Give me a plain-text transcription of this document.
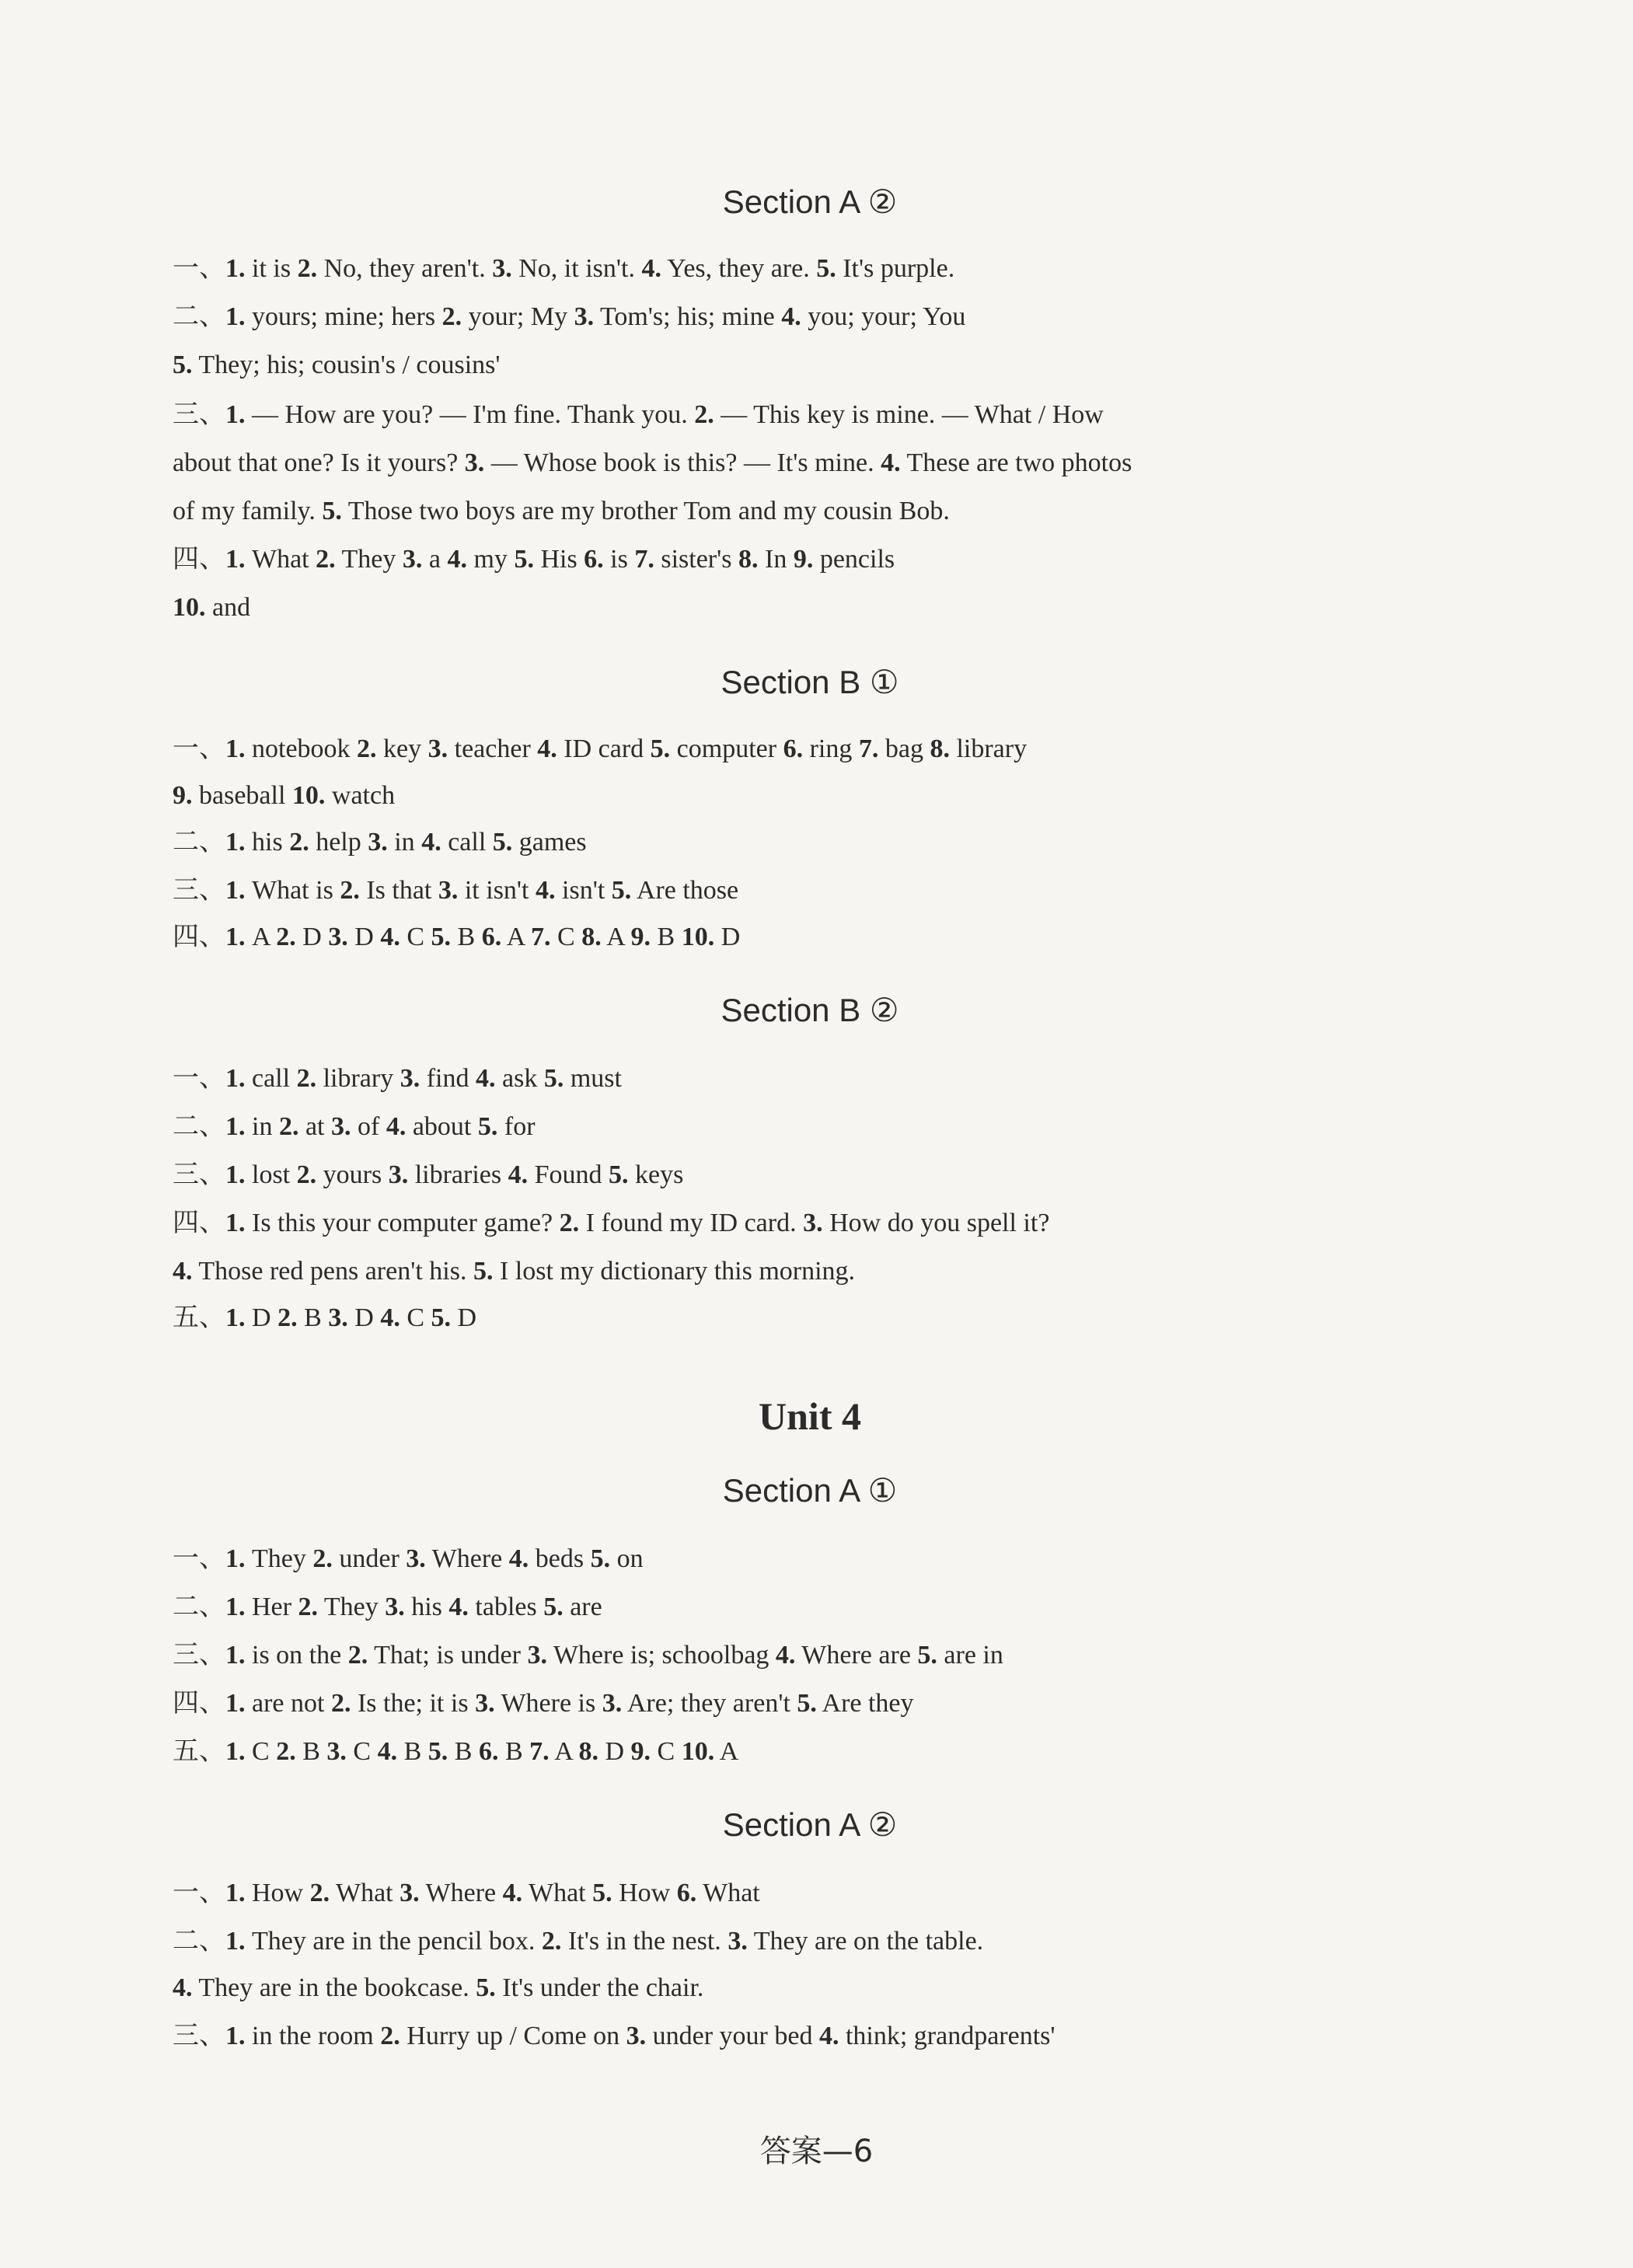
Section A ②
一、1. it is 2. No, they aren't. 3. No, it isn't. 4. Yes, they are. 5. It's purple.
二、1. yours; mine; hers 2. your; My 3. Tom's; his; mine 4. you; your; You
5. They; his; cousin's / cousins'
三、1. — How are you? — I'm fine. Thank you. 2. — This key is mine. — What / How
about that one? Is it yours? 3. — Whose book is this? — It's mine. 4. These are two photos
of my family. 5. Those two boys are my brother Tom and my cousin Bob.
四、1. What 2. They 3. a 4. my 5. His 6. is 7. sister's 8. In 9. pencils
10. and
Section B ①
一、1. notebook 2. key 3. teacher 4. ID card 5. computer 6. ring 7. bag 8. library
9. baseball 10. watch
二、1. his 2. help 3. in 4. call 5. games
三、1. What is 2. Is that 3. it isn't 4. isn't 5. Are those
四、1. A 2. D 3. D 4. C 5. B 6. A 7. C 8. A 9. B 10. D
Section B ②
一、1. call 2. library 3. find 4. ask 5. must
二、1. in 2. at 3. of 4. about 5. for
三、1. lost 2. yours 3. libraries 4. Found 5. keys
四、1. Is this your computer game? 2. I found my ID card. 3. How do you spell it?
4. Those red pens aren't his. 5. I lost my dictionary this morning.
五、1. D 2. B 3. D 4. C 5. D
Unit 4
Section A ①
一、1. They 2. under 3. Where 4. beds 5. on
二、1. Her 2. They 3. his 4. tables 5. are
三、1. is on the 2. That; is under 3. Where is; schoolbag 4. Where are 5. are in
四、1. are not 2. Is the; it is 3. Where is 3. Are; they aren't 5. Are they
五、1. C 2. B 3. C 4. B 5. B 6. B 7. A 8. D 9. C 10. A
Section A ②
一、1. How 2. What 3. Where 4. What 5. How 6. What
二、1. They are in the pencil box. 2. It's in the nest. 3. They are on the table.
4. They are in the bookcase. 5. It's under the chair.
三、1. in the room 2. Hurry up / Come on 3. under your bed 4. think; grandparents'
答案—6
